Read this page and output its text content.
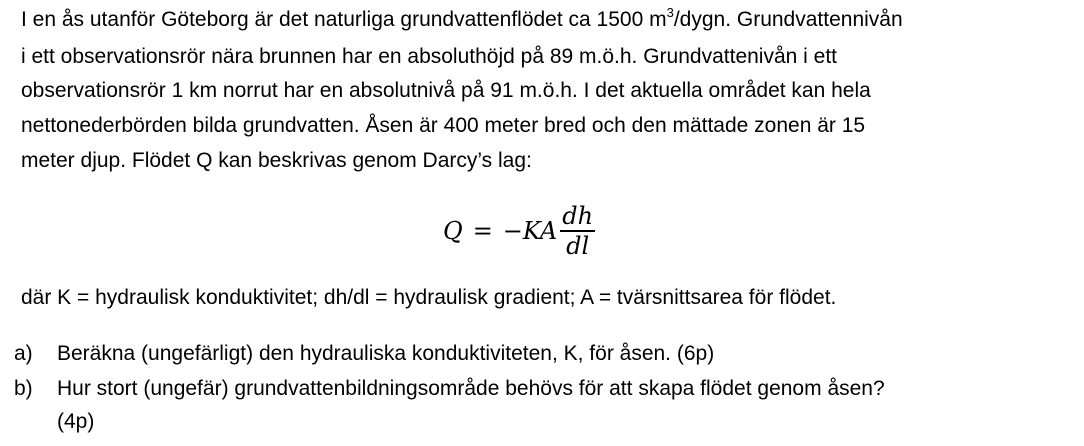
I en ås utanför Göteborg är det naturliga grundvattenflödet ca 1500 $m^3$/dygn. Grundvattennivån
i ett observationsrör nära brunnen har en absoluthöjd på 89 m.ö.h. Grundvattenivån i ett
observationsrör 1 km norrut har en absolutnivå på 91 m.ö.h. I det aktuella området kan hela
nettonederbörden bilda grundvatten. Åsen är 400 meter bred och den mättade zonen är 15
meter djup. Flödet Q kan beskrivas genom Darcy’s lag:
$Q = -KA \frac{dh}{dl}$
där K = hydraulisk konduktivitet; dh/dl = hydraulisk gradient; A = tvärsnittsarea för flödet.
a) Beräkna (ungefärligt) den hydrauliska konduktiviteten, K, för åsen. (6p)
b) Hur stort (ungefär) grundvattenbildningsområde behövs för att skapa flödet genom åsen?
(4p)
